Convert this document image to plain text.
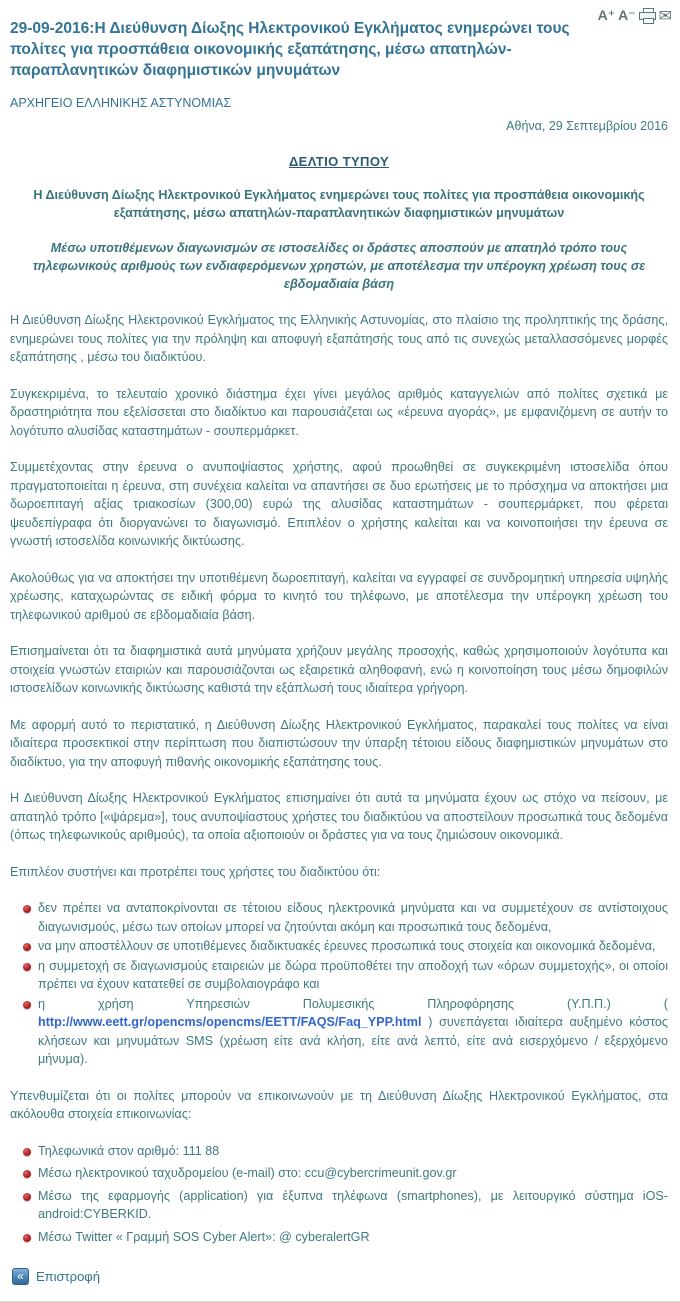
A⁺ A⁻ ✉
29-09-2016:Η Διεύθυνση Δίωξης Ηλεκτρονικού Εγκλήματος ενημερώνει τους πολίτες για προσπάθεια οικονομικής εξαπάτησης, μέσω απατηλών-παραπλανητικών διαφημιστικών μηνυμάτων
ΑΡΧΗΓΕΙΟ ΕΛΛΗΝΙΚΗΣ ΑΣΤΥΝΟΜΙΑΣ
Αθήνα, 29 Σεπτεμβρίου 2016
ΔΕΛΤΙΟ ΤΥΠΟΥ

Η Διεύθυνση Δίωξης Ηλεκτρονικού Εγκλήματος ενημερώνει τους πολίτες για προσπάθεια οικονομικής εξαπάτησης, μέσω απατηλών-παραπλανητικών διαφημιστικών μηνυμάτων

Μέσω υποτιθέμενων διαγωνισμών σε ιστοσελίδες οι δράστες αποσπούν με απατηλό τρόπο τους τηλεφωνικούς αριθμούς των ενδιαφερόμενων χρηστών, με αποτέλεσμα την υπέρογκη χρέωση τους σε εβδομαδιαία βάση

Η Διεύθυνση Δίωξης Ηλεκτρονικού Εγκλήματος της Ελληνικής Αστυνομίας, στο πλαίσιο της προληπτικής της δράσης, ενημερώνει τους πολίτες για την πρόληψη και αποφυγή εξαπάτησής τους από τις συνεχώς μεταλλασσόμενες μορφές εξαπάτησης , μέσω του διαδικτύου.

Συγκεκριμένα, το τελευταίο χρονικό διάστημα έχει γίνει μεγάλος αριθμός καταγγελιών από πολίτες σχετικά με δραστηριότητα που εξελίσσεται στο διαδίκτυο και παρουσιάζεται ως «έρευνα αγοράς», με εμφανιζόμενη σε αυτήν το λογότυπο αλυσίδας καταστημάτων - σουπερμάρκετ.

Συμμετέχοντας στην έρευνα ο ανυποψίαστος χρήστης, αφού προωθηθεί σε συγκεκριμένη ιστοσελίδα όπου πραγματοποιείται η έρευνα, στη συνέχεια καλείται να απαντήσει σε δυο ερωτήσεις με το πρόσχημα να αποκτήσει μια δωροεπιταγή αξίας τριακοσίων (300,00) ευρώ της αλυσίδας καταστημάτων - σουπερμάρκετ, που φέρεται ψευδεπίγραφα ότι διοργανώνει το διαγωνισμό. Επιπλέον ο χρήστης καλείται και να κοινοποιήσει την έρευνα σε γνωστή ιστοσελίδα κοινωνικής δικτύωσης.

Ακολούθως για να αποκτήσει την υποτιθέμενη δωροεπιταγή, καλείται να εγγραφεί σε συνδρομητική υπηρεσία υψηλής χρέωσης, καταχωρώντας σε ειδική φόρμα το κινητό του τηλέφωνο, με αποτέλεσμα την υπέρογκη χρέωση του τηλεφωνικού αριθμού σε εβδομαδιαία βάση.

Επισημαίνεται ότι τα διαφημιστικά αυτά μηνύματα χρήζουν μεγάλης προσοχής, καθώς χρησιμοποιούν λογότυπα και στοιχεία γνωστών εταιριών και παρουσιάζονται ως εξαιρετικά αληθοφανή, ενώ η κοινοποίηση τους μέσω δημοφιλών ιστοσελίδων κοινωνικής δικτύωσης καθιστά την εξάπλωσή τους ιδιαίτερα γρήγορη.

Με αφορμή αυτό το περιστατικό, η Διεύθυνση Δίωξης Ηλεκτρονικού Εγκλήματος, παρακαλεί τους πολίτες να είναι ιδιαίτερα προσεκτικοί στην περίπτωση που διαπιστώσουν την ύπαρξη τέτοιου είδους διαφημιστικών μηνυμάτων στο διαδίκτυο, για την αποφυγή πιθανής οικονομικής εξαπάτησης τους.

Η Διεύθυνση Δίωξης Ηλεκτρονικού Εγκλήματος επισημαίνει ότι αυτά τα μηνύματα έχουν ως στόχο να πείσουν, με απατηλό τρόπο [«ψάρεμα»], τους ανυποψίαστους χρήστες του διαδικτύου να αποστείλουν προσωπικά τους δεδομένα (όπως τηλεφωνικούς αριθμούς), τα οποία αξιοποιούν οι δράστες για να τους ζημιώσουν οικονομικά.

Επιπλέον συστήνει και προτρέπει τους χρήστες του διαδικτύου ότι:

δεν πρέπει να ανταποκρίνονται σε τέτοιου είδους ηλεκτρονικά μηνύματα και να συμμετέχουν σε αντίστοιχους διαγωνισμούς, μέσω των οποίων μπορεί να ζητούνται ακόμη και προσωπικά τους δεδομένα,
να μην αποστέλλουν σε υποτιθέμενες διαδικτυακές έρευνες προσωπικά τους στοιχεία και οικονομικά δεδομένα,
η συμμετοχή σε διαγωνισμούς εταιρειών με δώρα προϋποθέτει την αποδοχή των «όρων συμμετοχής», οι οποίοι πρέπει να έχουν κατατεθεί σε συμβολαιογράφο και
η χρήση Υπηρεσιών Πολυμεσικής Πληροφόρησης (Υ.Π.Π.) ( http://www.eett.gr/opencms/opencms/EETT/FAQS/Faq_YPP.html ) συνεπάγεται ιδιαίτερα αυξημένο κόστος κλήσεων και μηνυμάτων SMS (χρέωση είτε ανά κλήση, είτε ανά λεπτό, είτε ανά εισερχόμενο / εξερχόμενο μήνυμα).

Υπενθυμίζεται ότι οι πολίτες μπορούν να επικοινωνούν με τη Διεύθυνση Δίωξης Ηλεκτρονικού Εγκλήματος, στα ακόλουθα στοιχεία επικοινωνίας:

Τηλεφωνικά στον αριθμό: 111 88
Μέσω ηλεκτρονικού ταχυδρομείου (e-mail) στο: ccu@cybercrimeunit.gov.gr
Μέσω της εφαρμογής (application) για έξυπνα τηλέφωνα (smartphones), με λειτουργικό σύστημα iOS-android:CYBERKID.
Μέσω Twitter « Γραμμή SOS Cyber Alert»: @ cyberalertGR
« Επιστροφή
